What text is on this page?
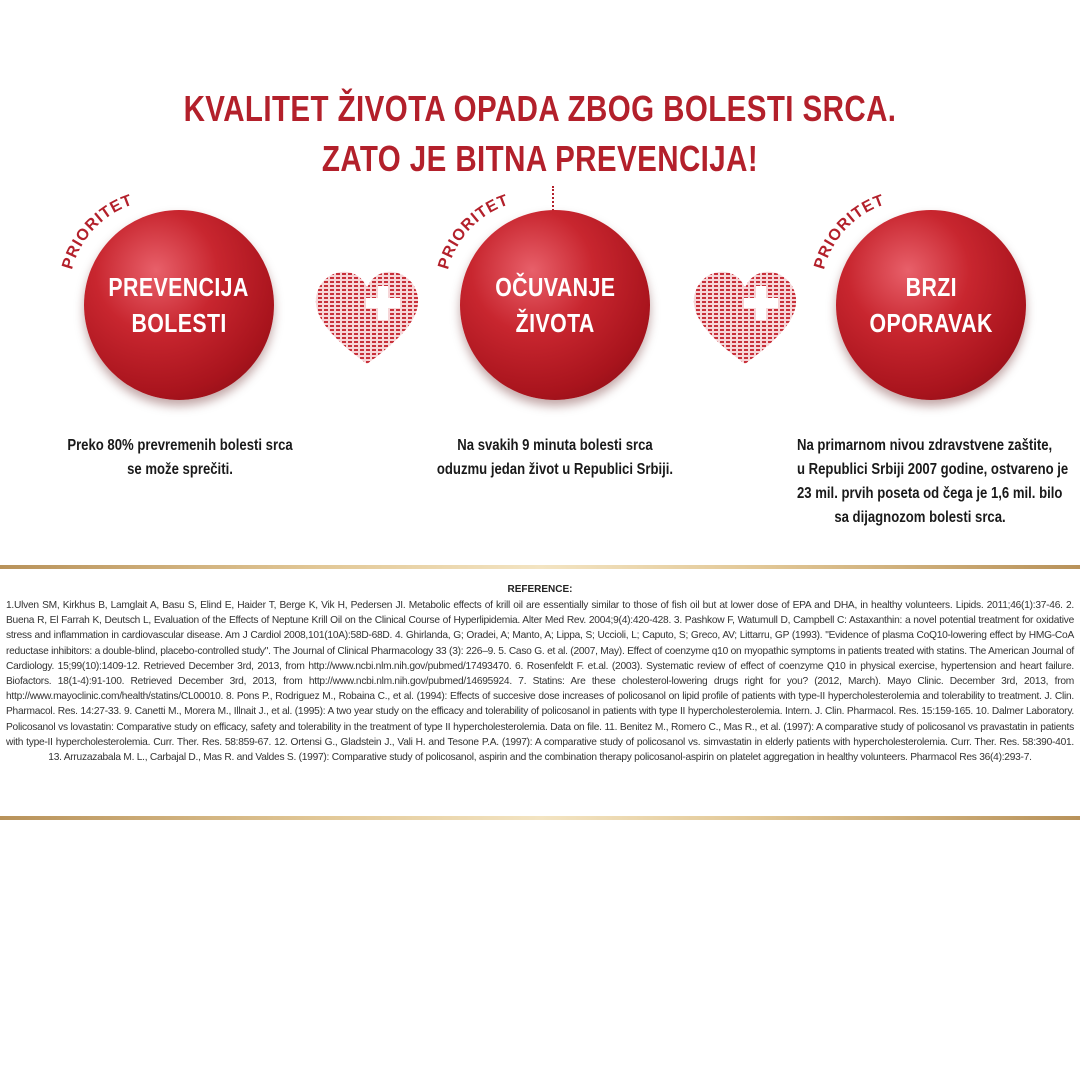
KVALITET ŽIVOTA OPADA ZBOG BOLESTI SRCA.
ZATO JE BITNA PREVENCIJA!
PRIORITET
PRIORITET
PRIORITET
PREVENCIJA
BOLESTI
OČUVANJE
ŽIVOTA
BRZI
OPORAVAK
Preko 80% prevremenih bolesti srca
se može sprečiti.
Na svakih 9 minuta bolesti srca
oduzmu jedan život u Republici Srbiji.
Na primarnom nivou zdravstvene zaštite,
u Republici Srbiji 2007 godine, ostvareno je
23 mil. prvih poseta od čega je 1,6 mil. bilo
sa dijagnozom bolesti srca.
REFERENCE:
1.Ulven SM, Kirkhus B, Lamglait A, Basu S, Elind E, Haider T, Berge K, Vik H, Pedersen JI. Metabolic effects of krill oil are essentially similar to those of fish oil but at lower dose of EPA and DHA, in healthy volunteers. Lipids. 2011;46(1):37-46. 2. Buena R, El Farrah K, Deutsch L, Evaluation of the Effects of Neptune Krill Oil on the Clinical Course of Hyperlipidemia. Alter Med Rev. 2004;9(4):420-428. 3. Pashkow F, Watumull D, Campbell C: Astaxanthin: a novel potential treatment for oxidative stress and inflammation in cardiovascular disease. Am J Cardiol 2008,101(10A):58D-68D. 4. Ghirlanda, G; Oradei, A; Manto, A; Lippa, S; Uccioli, L; Caputo, S; Greco, AV; Littarru, GP (1993). "Evidence of plasma CoQ10-lowering effect by HMG-CoA reductase inhibitors: a double-blind, placebo-controlled study". The Journal of Clinical Pharmacology 33 (3): 226–9. 5. Caso G. et al. (2007, May). Effect of coenzyme q10 on myopathic symptoms in patients treated with statins. The American Journal of Cardiology. 15;99(10):1409-12. Retrieved December 3rd, 2013, from http://www.ncbi.nlm.nih.gov/pubmed/17493470. 6. Rosenfeldt F. et.al. (2003). Systematic review of effect of coenzyme Q10 in physical exercise, hypertension and heart failure. Biofactors. 18(1-4):91-100. Retrieved December 3rd, 2013, from http://www.ncbi.nlm.nih.gov/pubmed/14695924. 7. Statins: Are these cholesterol-lowering drugs right for you? (2012, March). Mayo Clinic. December 3rd, 2013, from http://www.mayoclinic.com/health/statins/CL00010. 8. Pons P., Rodriguez M., Robaina C., et al. (1994): Effects of succesive dose increases of policosanol on lipid profile of patients with type-II hypercholesterolemia and tolerability to treatment. J. Clin. Pharmacol. Res. 14:27-33. 9. Canetti M., Morera M., Illnait J., et al. (1995): A two year study on the efficacy and tolerability of policosanol in patients with type II hypercholesterolemia. Intern. J. Clin. Pharmacol. Res. 15:159-165. 10. Dalmer Laboratory. Policosanol vs lovastatin: Comparative study on efficacy, safety and tolerability in the treatment of type II hypercholesterolemia. Data on file. 11. Benitez M., Romero C., Mas R., et al. (1997): A comparative study of policosanol vs pravastatin in patients with type-II hypercholesterolemia. Curr. Ther. Res. 58:859-67. 12. Ortensi G., Gladstein J., Vali H. and Tesone P.A. (1997): A comparative study of policosanol vs. simvastatin in elderly patients with hypercholesterolemia. Curr. Ther. Res. 58:390-401. 13. Arruzazabala M. L., Carbajal D., Mas R. and Valdes S. (1997): Comparative study of policosanol, aspirin and the combination therapy policosanol-aspirin on platelet aggregation in healthy volunteers. Pharmacol Res 36(4):293-7.
